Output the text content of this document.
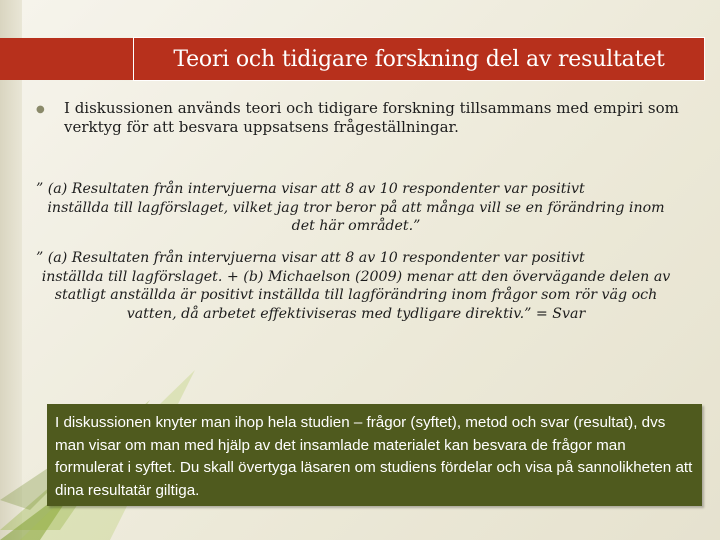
Teori och tidigare forskning del av resultatet
● I diskussionen används teori och tidigare forskning tillsammans med empiri som verktyg för att besvara uppsatsens frågeställningar.
” (a) Resultaten från intervjuerna visar att 8 av 10 respondenter var positivt
inställda till lagförslaget, vilket jag tror beror på att många vill se en förändring inom det här området.”
” (a) Resultaten från intervjuerna visar att 8 av 10 respondenter var positivt
inställda till lagförslaget. + (b) Michaelson (2009) menar att den övervägande delen av statligt anställda är positivt inställda till lagförändring inom frågor som rör väg och vatten, då arbetet effektiviseras med tydligare direktiv.” = Svar
I diskussionen knyter man ihop hela studien – frågor (syftet), metod och svar (resultat), dvs man visar om man med hjälp av det insamlade materialet kan besvara de frågor man formulerat i syftet. Du skall övertyga läsaren om studiens fördelar och visa på sannolikheten att dina resultatär giltiga.
